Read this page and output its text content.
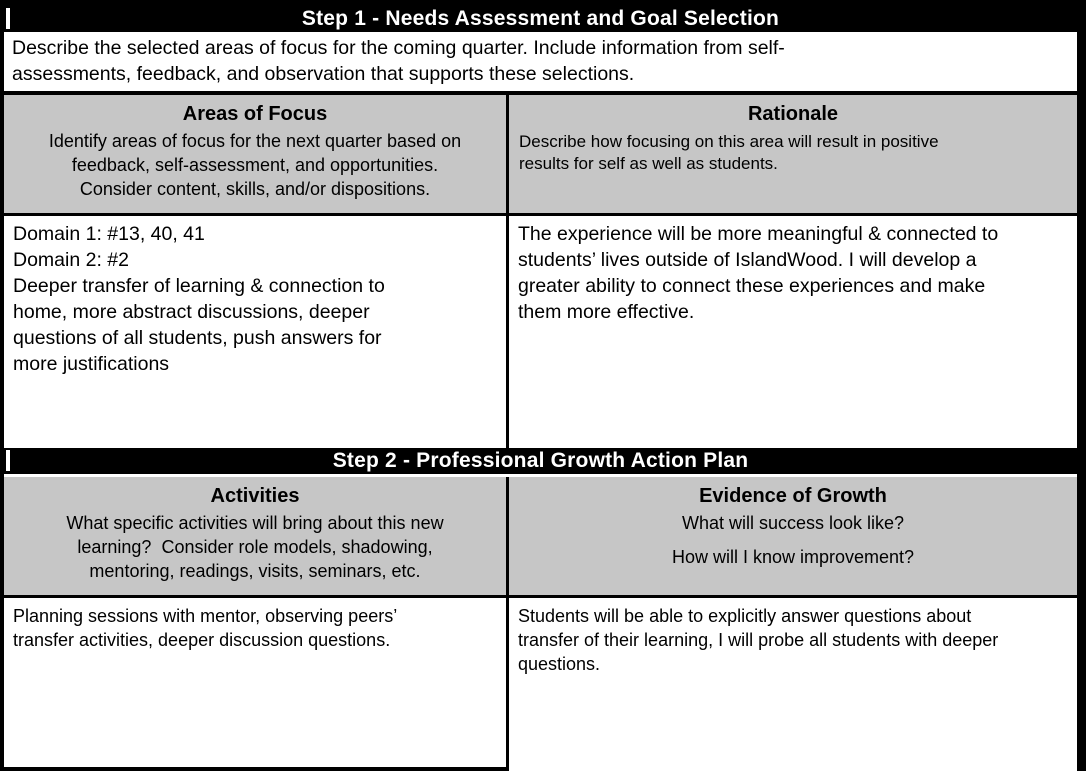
Step 1 - Needs Assessment and Goal Selection
Describe the selected areas of focus for the coming quarter. Include information from self-
assessments, feedback, and observation that supports these selections.
Areas of Focus
Identify areas of focus for the next quarter based on
feedback, self-assessment, and opportunities.
Consider content, skills, and/or dispositions.
Rationale
Describe how focusing on this area will result in positive
results for self as well as students.
Domain 1: #13, 40, 41
Domain 2: #2
Deeper transfer of learning & connection to
home, more abstract discussions, deeper
questions of all students, push answers for
more justifications
The experience will be more meaningful & connected to
students’ lives outside of IslandWood. I will develop a
greater ability to connect these experiences and make
them more effective.
Step 2 - Professional Growth Action Plan
Activities
What specific activities will bring about this new
learning?  Consider role models, shadowing,
mentoring, readings, visits, seminars, etc.
Evidence of Growth
What will success look like?
How will I know improvement?
Planning sessions with mentor, observing peers’
transfer activities, deeper discussion questions.
Students will be able to explicitly answer questions about
transfer of their learning, I will probe all students with deeper
questions.
